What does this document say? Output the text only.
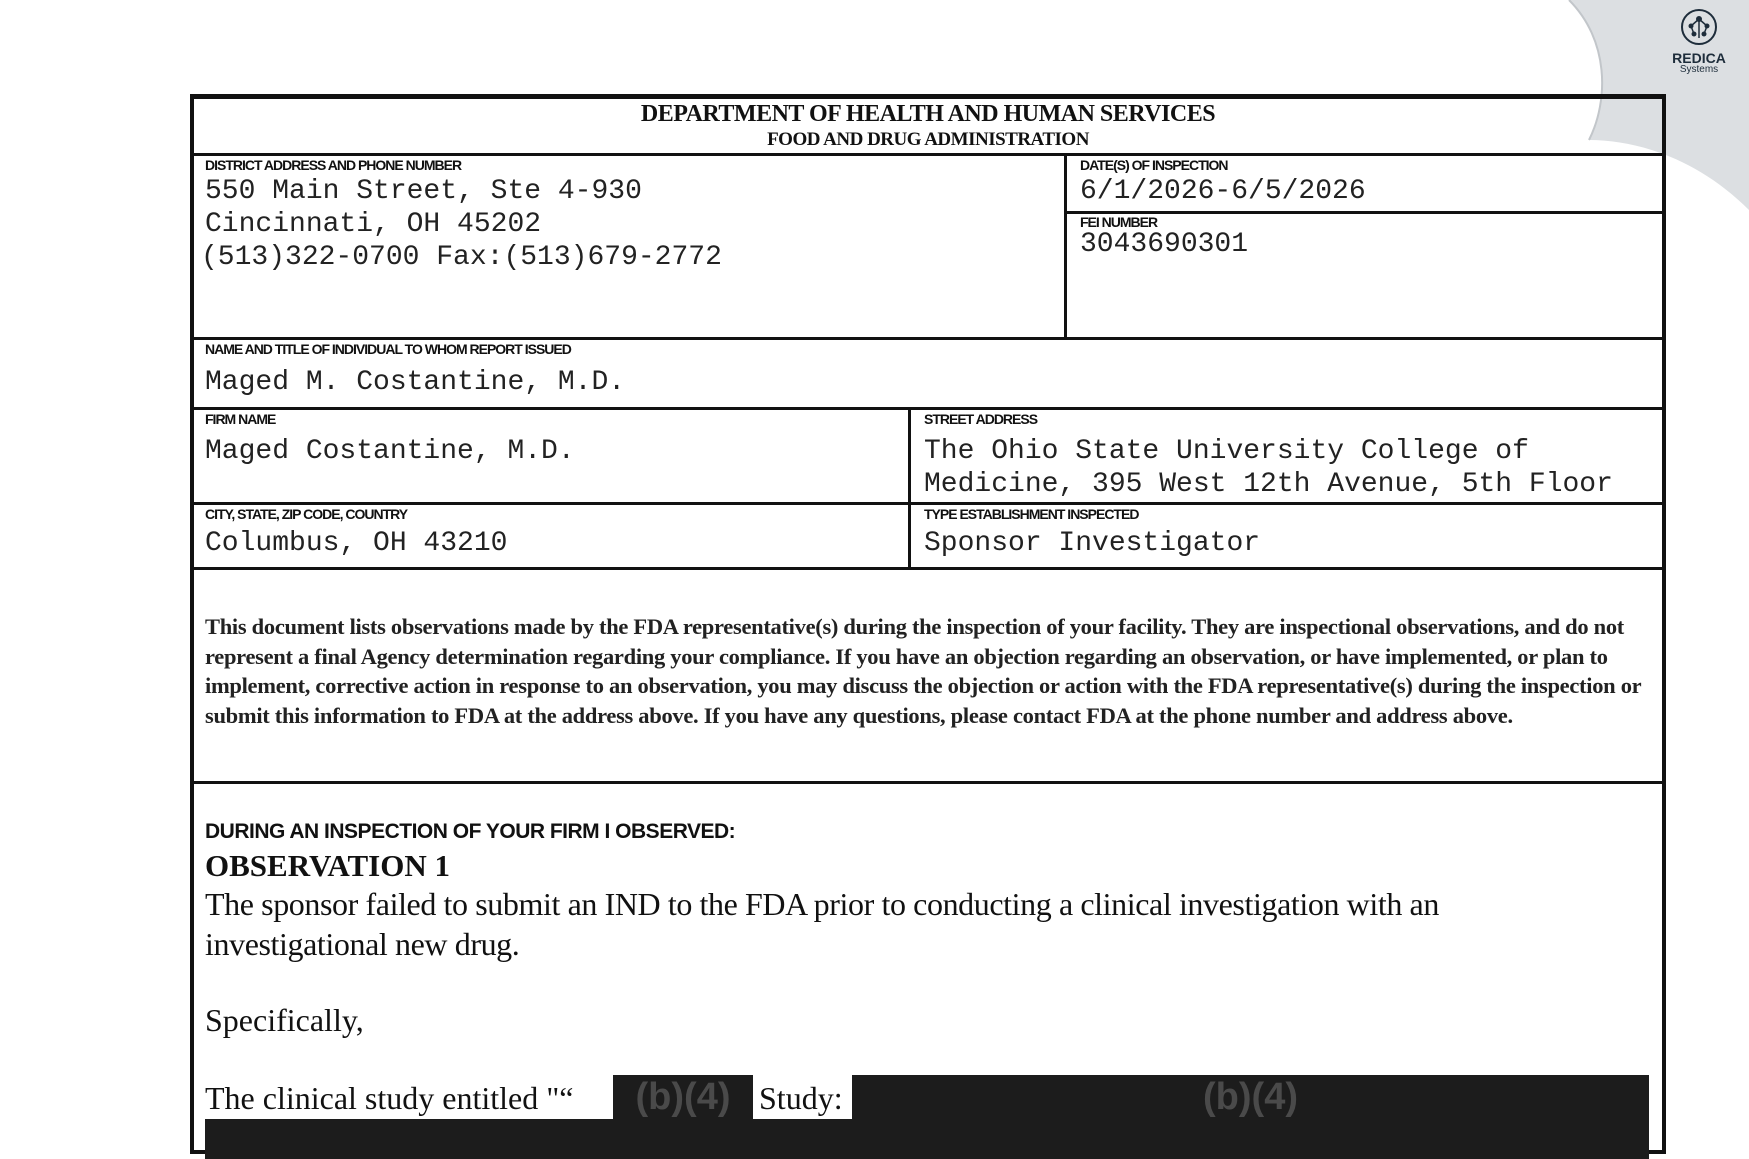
REDICA
Systems
DEPARTMENT OF HEALTH AND HUMAN SERVICES
FOOD AND DRUG ADMINISTRATION
DISTRICT ADDRESS AND PHONE NUMBER
550 Main Street, Ste 4-930
Cincinnati, OH 45202
(513)322-0700 Fax:(513)679-2772
DATE(S) OF INSPECTION
6/1/2026-6/5/2026
FEI NUMBER
3043690301
NAME AND TITLE OF INDIVIDUAL TO WHOM REPORT ISSUED
Maged M. Costantine, M.D.
FIRM NAME
Maged Costantine, M.D.
STREET ADDRESS
The Ohio State University College of
Medicine, 395 West 12th Avenue, 5th Floor
CITY, STATE, ZIP CODE, COUNTRY
Columbus, OH 43210
TYPE ESTABLISHMENT INSPECTED
Sponsor Investigator
This document lists observations made by the FDA representative(s) during the inspection of your facility. They are inspectional observations, and do not represent a final Agency determination regarding your compliance. If you have an objection regarding an observation, or have implemented, or plan to implement, corrective action in response to an observation, you may discuss the objection or action with the FDA representative(s) during the inspection or submit this information to FDA at the address above. If you have any questions, please contact FDA at the phone number and address above.
DURING AN INSPECTION OF YOUR FIRM I OBSERVED:
OBSERVATION 1
The sponsor failed to submit an IND to the FDA prior to conducting a clinical investigation with an investigational new drug.
Specifically,
The clinical study entitled "“	(b)(4) Study:	(b)(4)
